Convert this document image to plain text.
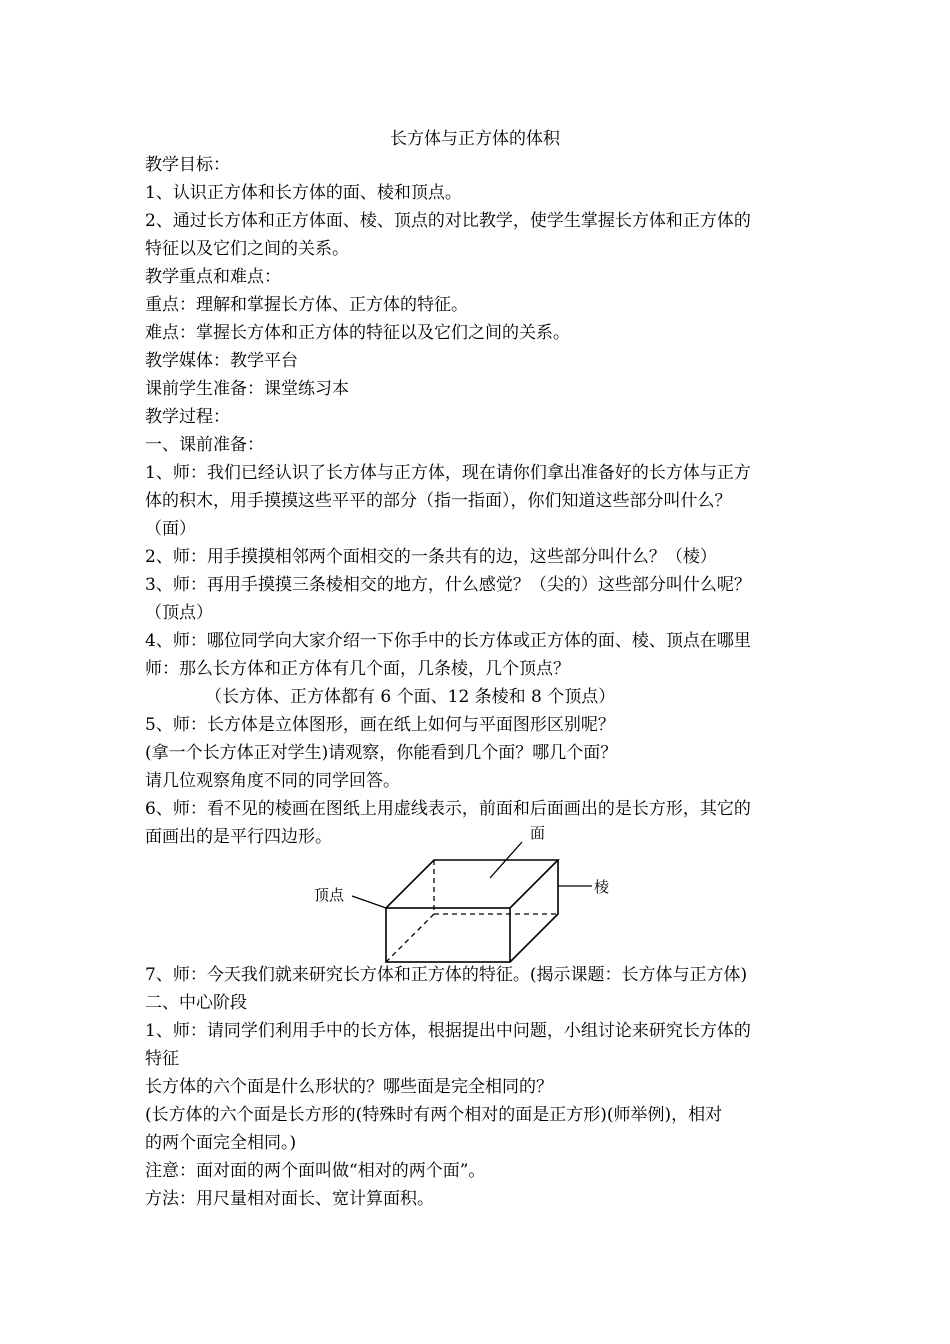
长方体与正方体的体积
教学目标：
1、认识正方体和长方体的面、棱和顶点。
2、通过长方体和正方体面、棱、顶点的对比教学，使学生掌握长方体和正方体的
特征以及它们之间的关系。
教学重点和难点：
重点：理解和掌握长方体、正方体的特征。
难点：掌握长方体和正方体的特征以及它们之间的关系。
教学媒体：教学平台
课前学生准备：课堂练习本
教学过程：
一、课前准备：
1、师：我们已经认识了长方体与正方体，现在请你们拿出准备好的长方体与正方
体的积木，用手摸摸这些平平的部分（指一指面），你们知道这些部分叫什么？
（面）
2、师：用手摸摸相邻两个面相交的一条共有的边，这些部分叫什么？（棱）
3、师：再用手摸摸三条棱相交的地方，什么感觉？（尖的）这些部分叫什么呢？
（顶点）
4、师：哪位同学向大家介绍一下你手中的长方体或正方体的面、棱、顶点在哪里
师：那么长方体和正方体有几个面，几条棱，几个顶点？
（长方体、正方体都有 6 个面、12 条棱和 8 个顶点）
5、师：长方体是立体图形，画在纸上如何与平面图形区别呢？
(拿一个长方体正对学生)请观察，你能看到几个面？哪几个面？
请几位观察角度不同的同学回答。
6、师：看不见的棱画在图纸上用虚线表示，前面和后面画出的是长方形，其它的
面画出的是平行四边形。	面
棱
顶点
7、师：今天我们就来研究长方体和正方体的特征。(揭示课题：长方体与正方体)
二、中心阶段
1、师：请同学们利用手中的长方体，根据提出中问题，小组讨论来研究长方体的
特征
长方体的六个面是什么形状的？哪些面是完全相同的？
(长方体的六个面是长方形的(特殊时有两个相对的面是正方形)(师举例)，相对
的两个面完全相同。)
注意：面对面的两个面叫做“相对的两个面”。
方法：用尺量相对面长、宽计算面积。
